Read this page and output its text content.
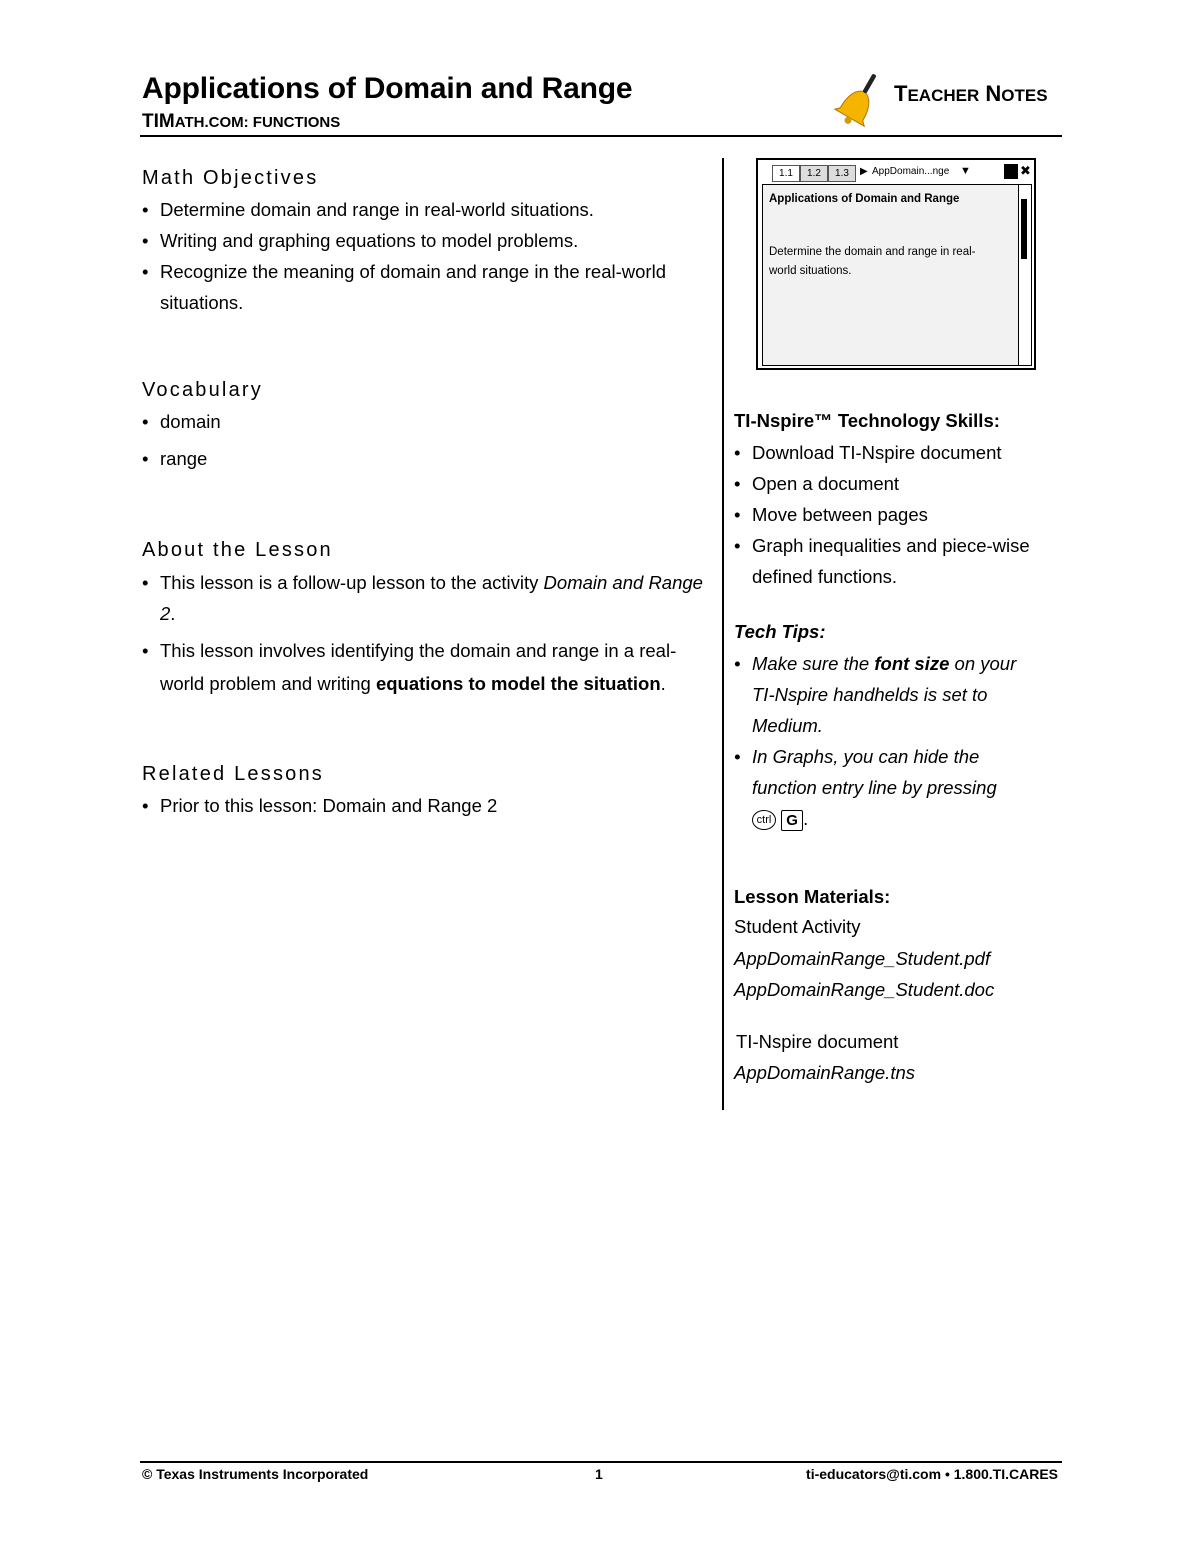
Applications of Domain and Range
TIMATH.COM: FUNCTIONS
TEACHER NOTES
Math Objectives
• Determine domain and range in real-world situations.
• Writing and graphing equations to model problems.
• Recognize the meaning of domain and range in the real-world situations.
Vocabulary
• domain
• range
About the Lesson
• This lesson is a follow-up lesson to the activity Domain and Range 2.
• This lesson involves identifying the domain and range in a real-world problem and writing equations to model the situation.
Related Lessons
• Prior to this lesson: Domain and Range 2
1.1	1.2	1.3	▶ AppDomain...nge ▼	✖
Applications of Domain and Range
Determine the domain and range in real-world situations.
TI-Nspire™ Technology Skills:
• Download TI-Nspire document
• Open a document
• Move between pages
• Graph inequalities and piece-wise defined functions.
Tech Tips:
• Make sure the font size on your TI-Nspire handhelds is set to Medium.
• In Graphs, you can hide the function entry line by pressing
ctrl G .
Lesson Materials:
Student Activity
AppDomainRange_Student.pdf
AppDomainRange_Student.doc
TI-Nspire document
AppDomainRange.tns
© Texas Instruments Incorporated	1	ti-educators@ti.com • 1.800.TI.CARES
